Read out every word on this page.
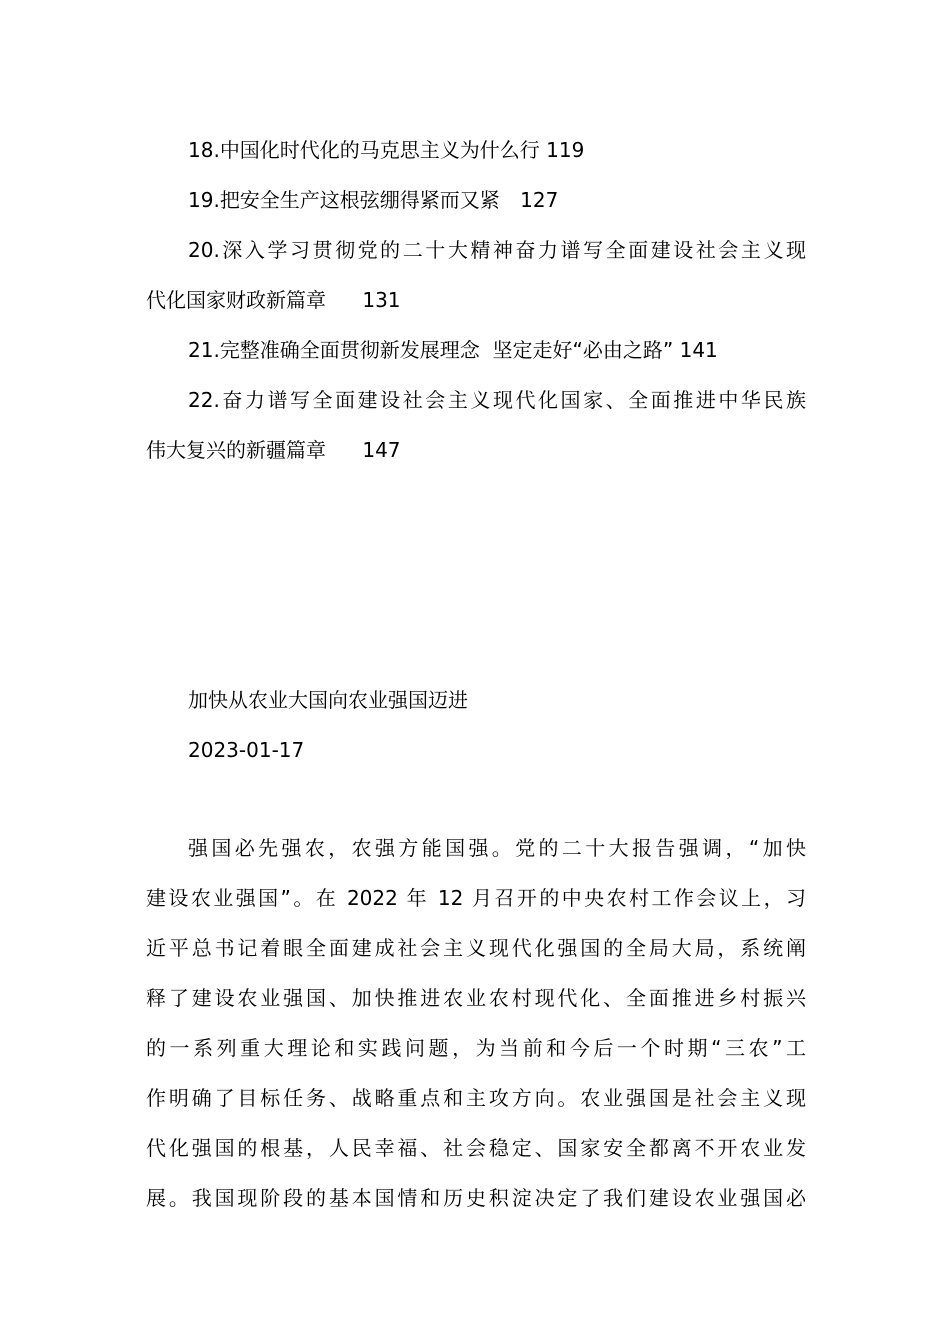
18.中国化时代化的马克思主义为什么行 119
19.把安全生产这根弦绷得紧而又紧 127
20.深入学习贯彻党的二十大精神奋力谱写全面建设社会主义现
代化国家财政新篇章 131
21.完整准确全面贯彻新发展理念  坚定走好“必由之路” 141
22.奋力谱写全面建设社会主义现代化国家、全面推进中华民族
伟大复兴的新疆篇章 147
加快从农业大国向农业强国迈进
2023-01-17
强国必先强农，农强方能国强。党的二十大报告强调，“加快
建设农业强国”。在 2022 年 12 月召开的中央农村工作会议上，习
近平总书记着眼全面建成社会主义现代化强国的全局大局，系统阐
释了建设农业强国、加快推进农业农村现代化、全面推进乡村振兴
的一系列重大理论和实践问题，为当前和今后一个时期“三农”工
作明确了目标任务、战略重点和主攻方向。农业强国是社会主义现
代化强国的根基，人民幸福、社会稳定、国家安全都离不开农业发
展。我国现阶段的基本国情和历史积淀决定了我们建设农业强国必
